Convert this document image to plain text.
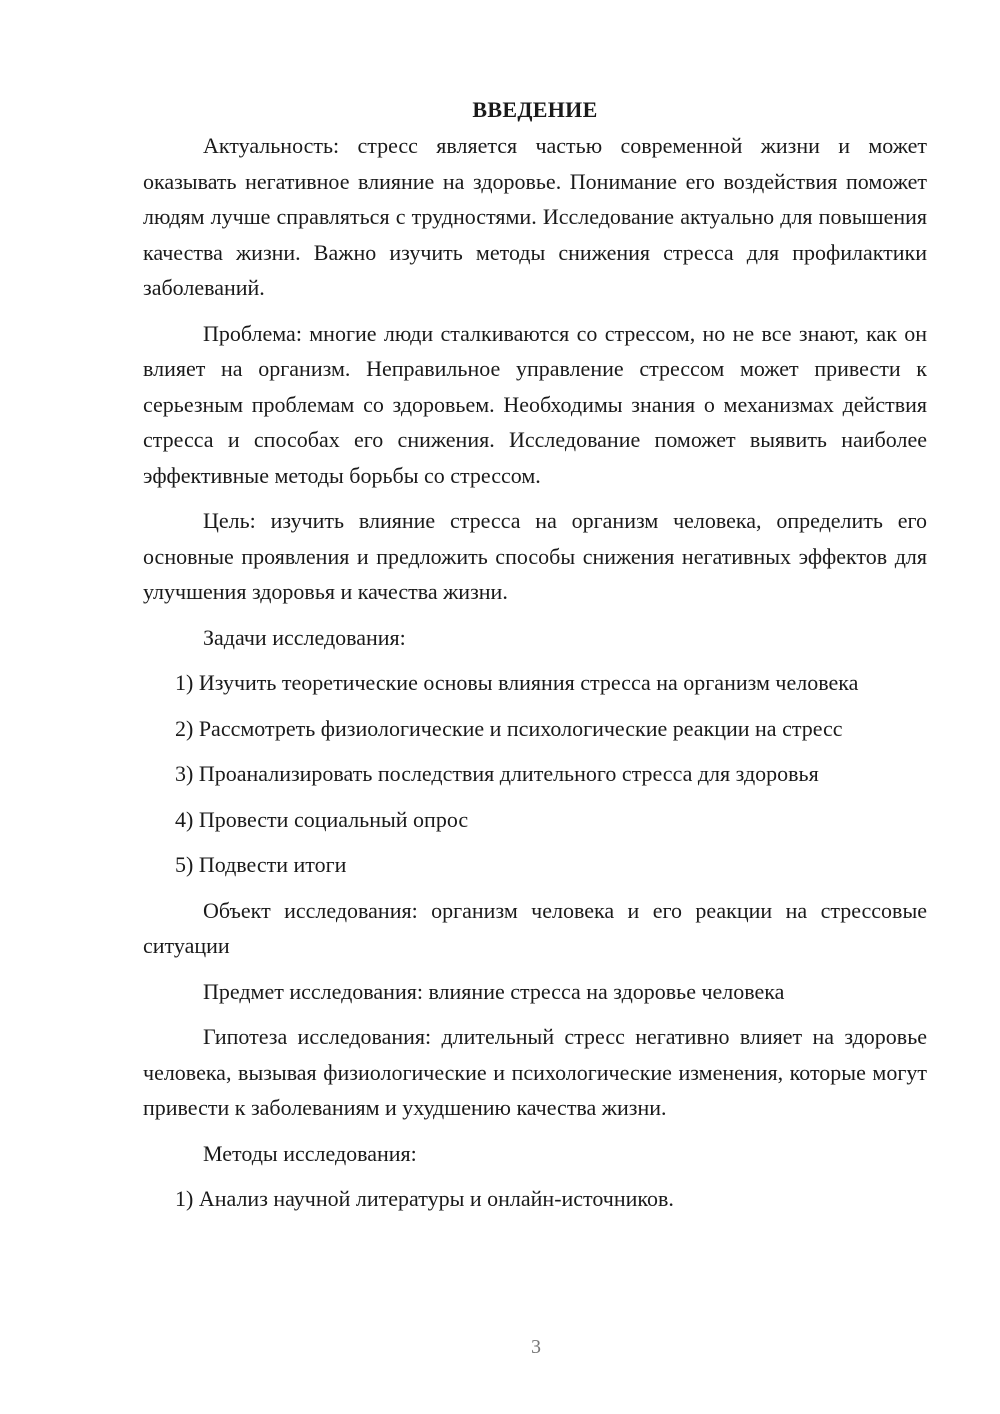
ВВЕДЕНИЕ

Актуальность: стресс является частью современной жизни и может оказывать негативное влияние на здоровье. Понимание его воздействия поможет людям лучше справляться с трудностями. Исследование актуально для повышения качества жизни. Важно изучить методы снижения стресса для профилактики заболеваний.

Проблема: многие люди сталкиваются со стрессом, но не все знают, как он влияет на организм. Неправильное управление стрессом может привести к серьезным проблемам со здоровьем. Необходимы знания о механизмах действия стресса и способах его снижения. Исследование поможет выявить наиболее эффективные методы борьбы со стрессом.

Цель: изучить влияние стресса на организм человека, определить его основные проявления и предложить способы снижения негативных эффектов для улучшения здоровья и качества жизни.

Задачи исследования:

1) Изучить теоретические основы влияния стресса на организм человека

2) Рассмотреть физиологические и психологические реакции на стресс

3) Проанализировать последствия длительного стресса для здоровья

4) Провести социальный опрос

5) Подвести итоги

Объект исследования: организм человека и его реакции на стрессовые ситуации

Предмет исследования: влияние стресса на здоровье человека

Гипотеза исследования: длительный стресс негативно влияет на здоровье человека, вызывая физиологические и психологические изменения, которые могут привести к заболеваниям и ухудшению качества жизни.

Методы исследования:

1) Анализ научной литературы и онлайн-источников.

3
